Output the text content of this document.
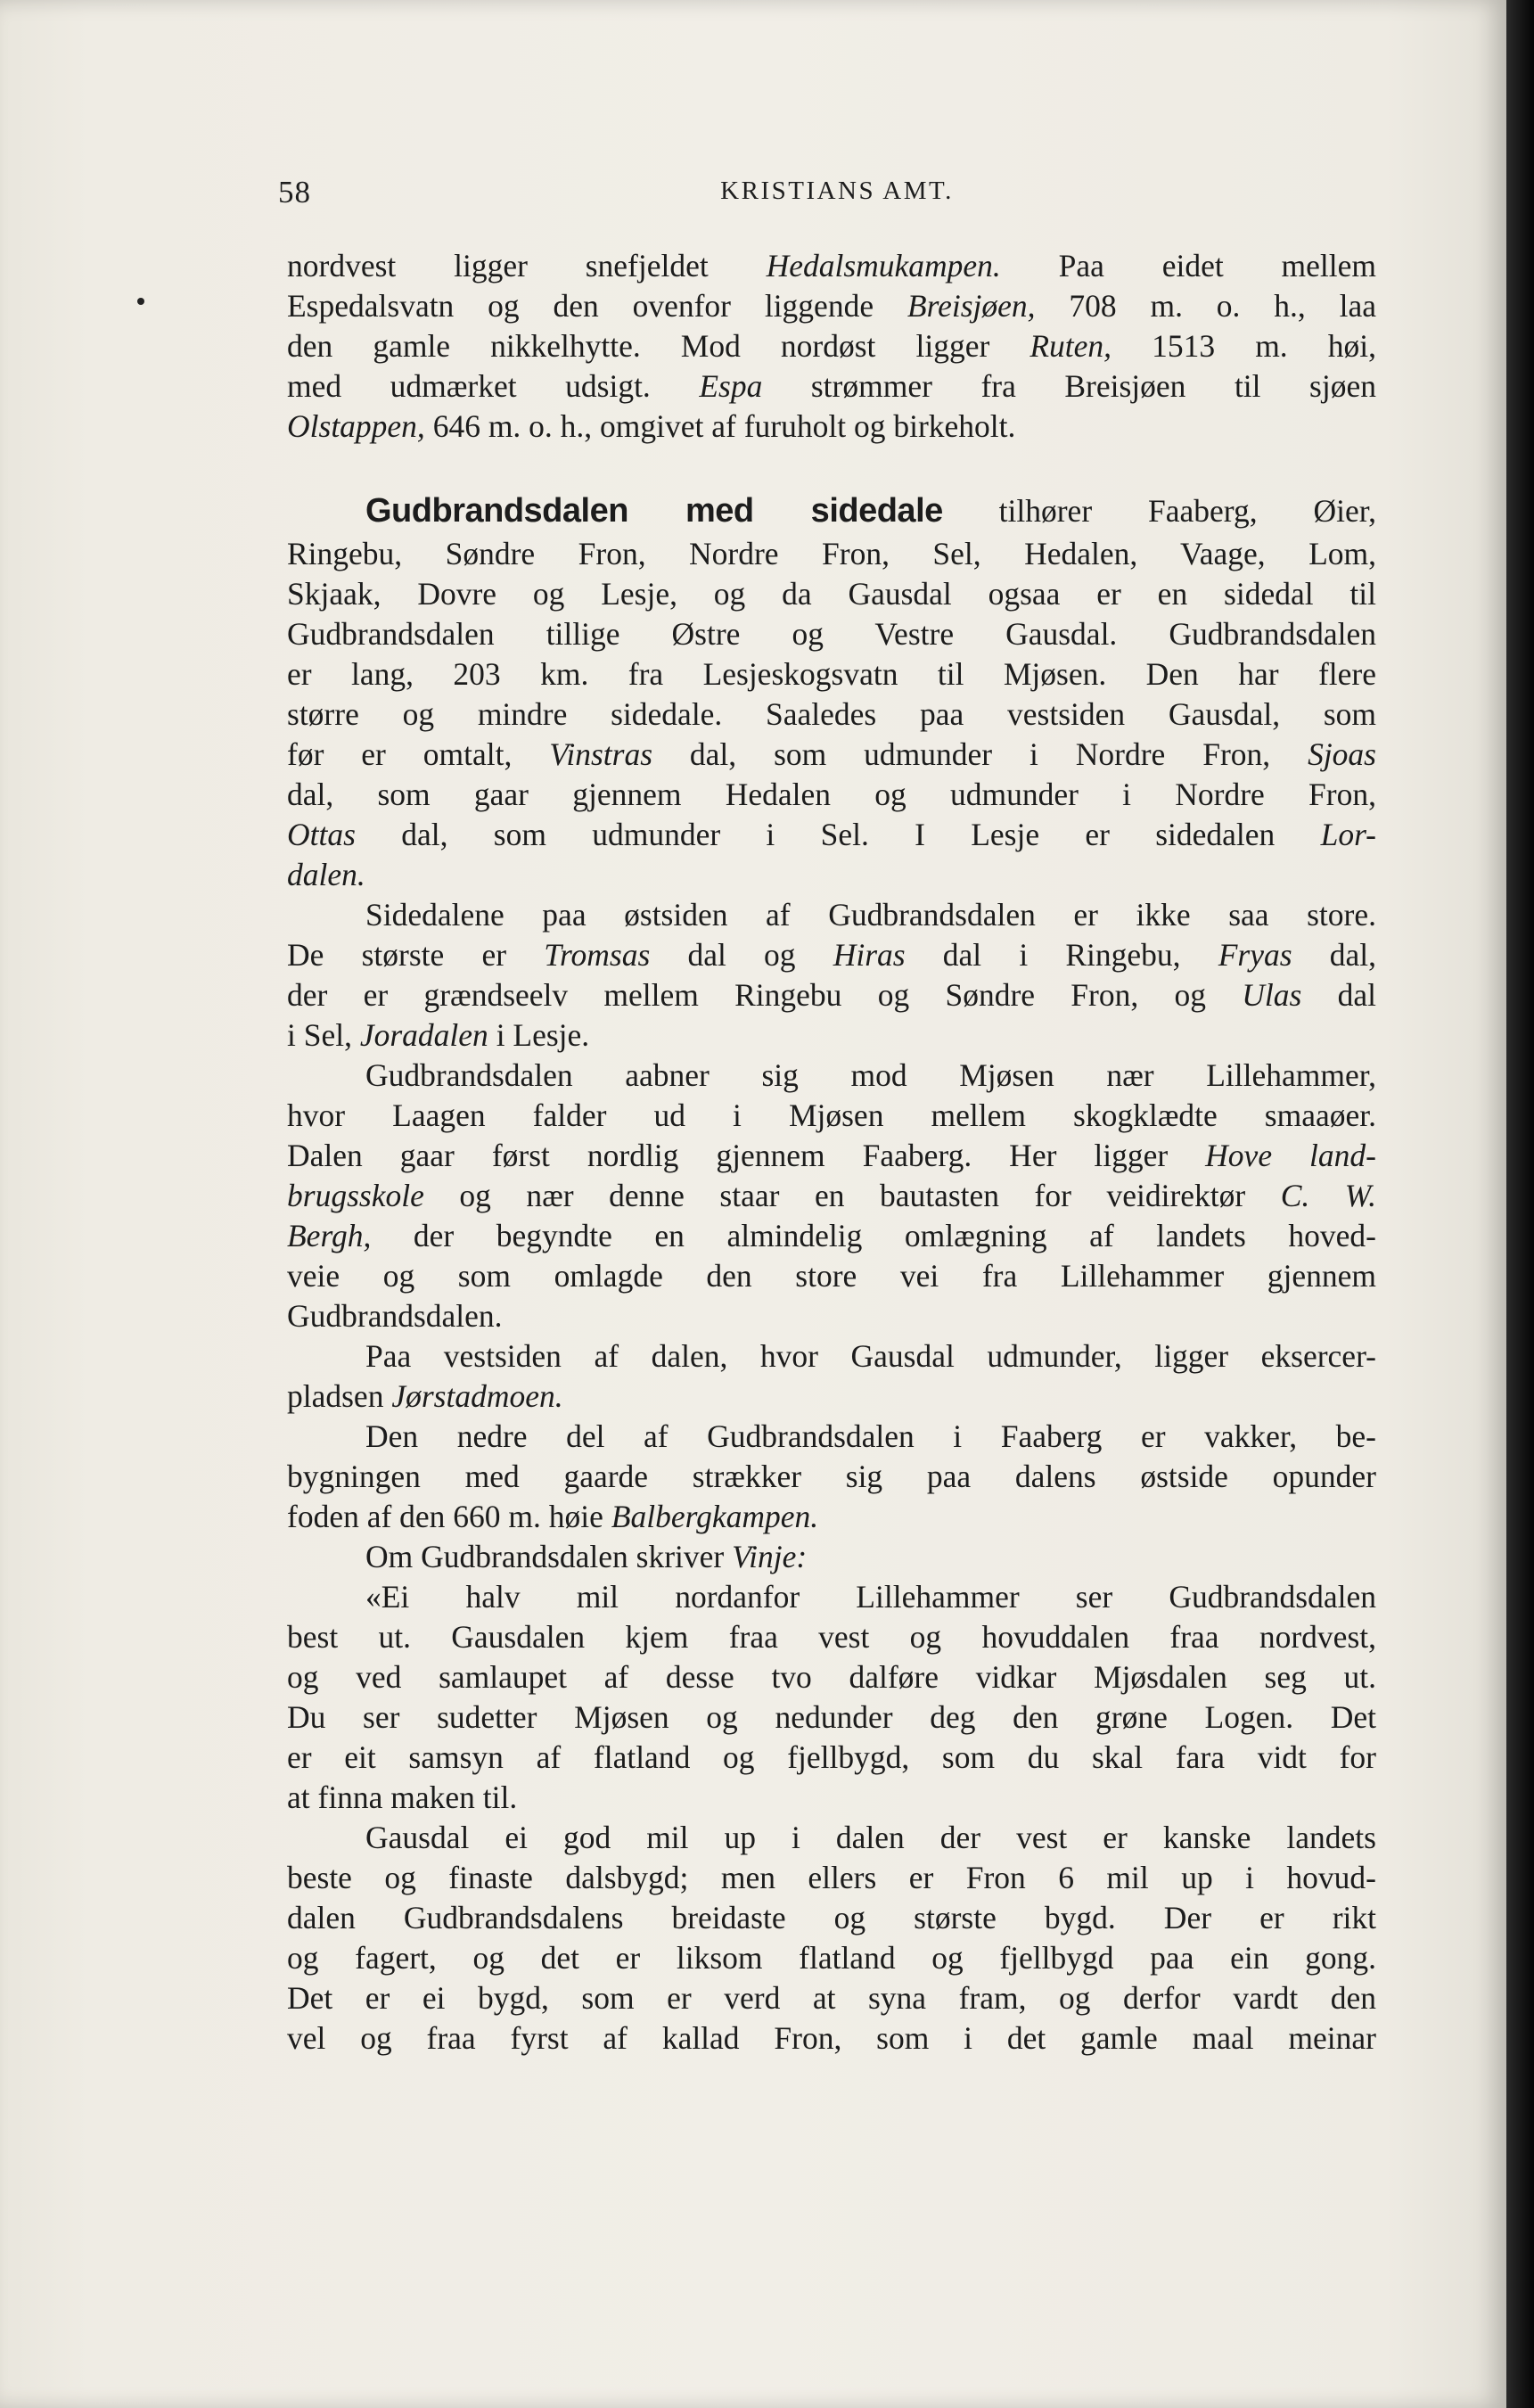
58	KRISTIANS AMT.
nordvest ligger snefjeldet Hedalsmukampen. Paa eidet mellem
Espedalsvatn og den ovenfor liggende Breisjøen, 708 m. o. h., laa
den gamle nikkelhytte. Mod nordøst ligger Ruten, 1513 m. høi,
med udmærket udsigt. Espa strømmer fra Breisjøen til sjøen
Olstappen, 646 m. o. h., omgivet af furuholt og birkeholt.
Gudbrandsdalen med sidedale tilhører Faaberg, Øier,
Ringebu, Søndre Fron, Nordre Fron, Sel, Hedalen, Vaage, Lom,
Skjaak, Dovre og Lesje, og da Gausdal ogsaa er en sidedal til
Gudbrandsdalen tillige Østre og Vestre Gausdal. Gudbrandsdalen
er lang, 203 km. fra Lesjeskogsvatn til Mjøsen. Den har flere
større og mindre sidedale. Saaledes paa vestsiden Gausdal, som
før er omtalt, Vinstras dal, som udmunder i Nordre Fron, Sjoas
dal, som gaar gjennem Hedalen og udmunder i Nordre Fron,
Ottas dal, som udmunder i Sel. I Lesje er sidedalen Lor-
dalen.
Sidedalene paa østsiden af Gudbrandsdalen er ikke saa store.
De største er Tromsas dal og Hiras dal i Ringebu, Fryas dal,
der er grændseelv mellem Ringebu og Søndre Fron, og Ulas dal
i Sel, Joradalen i Lesje.
Gudbrandsdalen aabner sig mod Mjøsen nær Lillehammer,
hvor Laagen falder ud i Mjøsen mellem skogklædte smaaøer.
Dalen gaar først nordlig gjennem Faaberg. Her ligger Hove land-
brugsskole og nær denne staar en bautasten for veidirektør C. W.
Bergh, der begyndte en almindelig omlægning af landets hoved-
veie og som omlagde den store vei fra Lillehammer gjennem
Gudbrandsdalen.
Paa vestsiden af dalen, hvor Gausdal udmunder, ligger eksercer-
pladsen Jørstadmoen.
Den nedre del af Gudbrandsdalen i Faaberg er vakker, be-
bygningen med gaarde strækker sig paa dalens østside opunder
foden af den 660 m. høie Balbergkampen.
Om Gudbrandsdalen skriver Vinje:
«Ei halv mil nordanfor Lillehammer ser Gudbrandsdalen
best ut. Gausdalen kjem fraa vest og hovuddalen fraa nordvest,
og ved samlaupet af desse tvo dalføre vidkar Mjøsdalen seg ut.
Du ser sudetter Mjøsen og nedunder deg den grøne Logen. Det
er eit samsyn af flatland og fjellbygd, som du skal fara vidt for
at finna maken til.
Gausdal ei god mil up i dalen der vest er kanske landets
beste og finaste dalsbygd; men ellers er Fron 6 mil up i hovud-
dalen Gudbrandsdalens breidaste og største bygd. Der er rikt
og fagert, og det er liksom flatland og fjellbygd paa ein gong.
Det er ei bygd, som er verd at syna fram, og derfor vardt den
vel og fraa fyrst af kallad Fron, som i det gamle maal meinar
